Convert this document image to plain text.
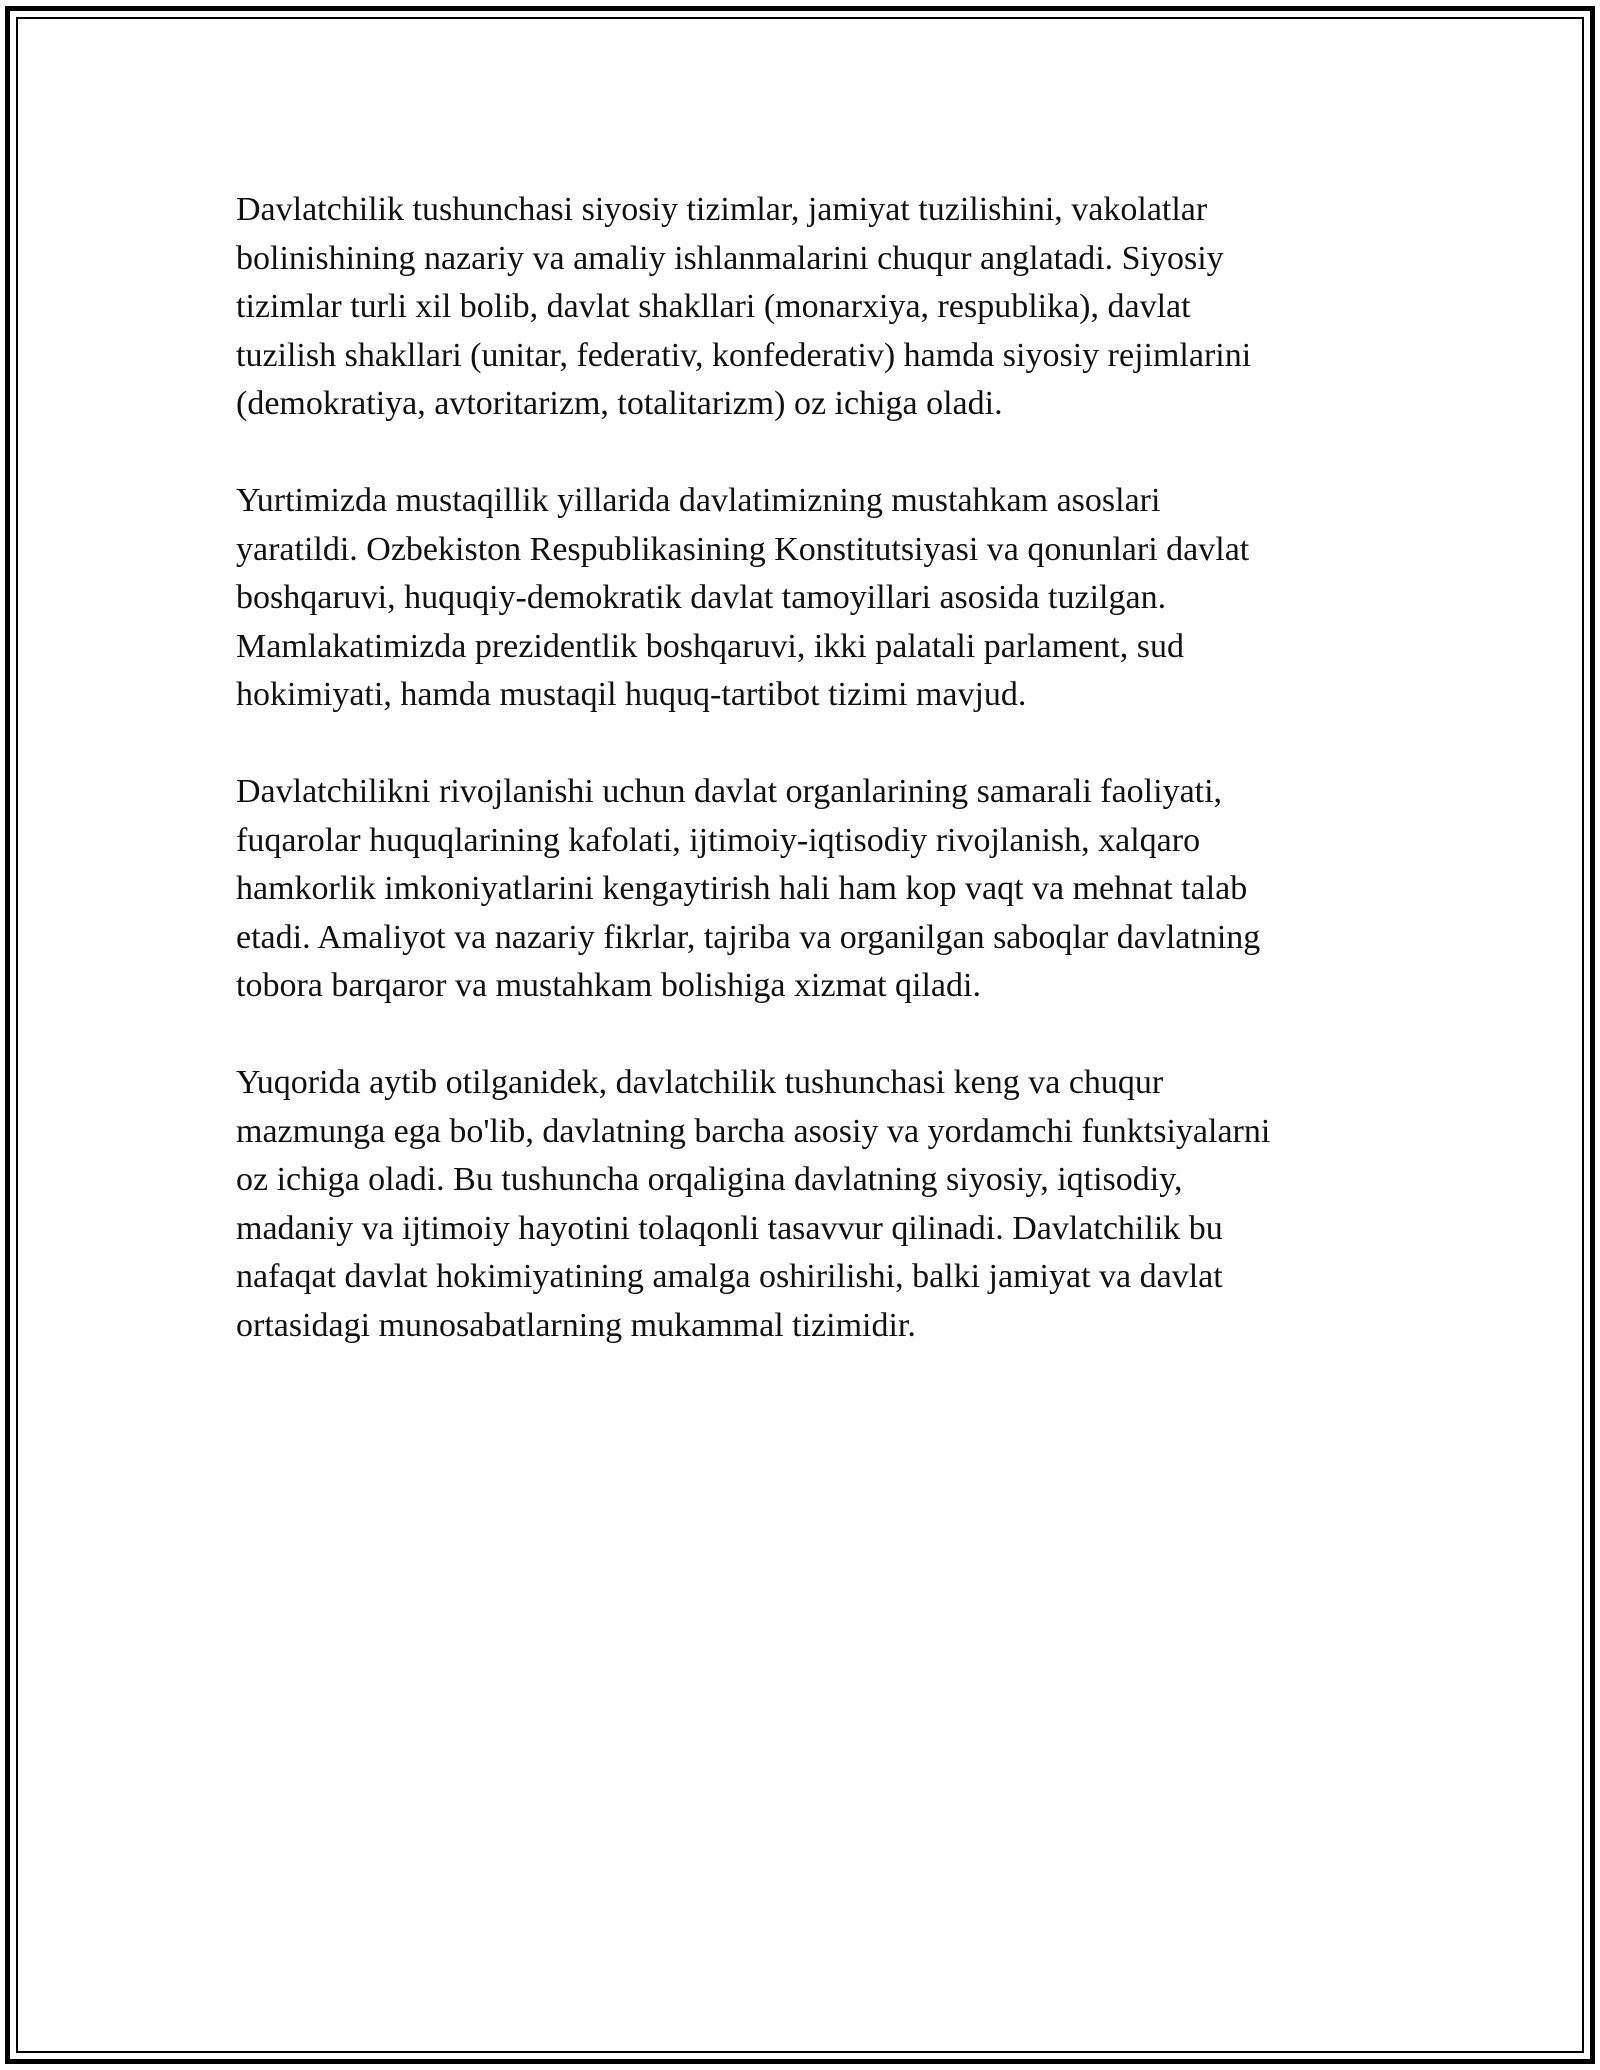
Davlatchilik tushunchasi siyosiy tizimlar, jamiyat tuzilishini, vakolatlar
bolinishining nazariy va amaliy ishlanmalarini chuqur anglatadi. Siyosiy
tizimlar turli xil bolib, davlat shakllari (monarxiya, respublika), davlat
tuzilish shakllari (unitar, federativ, konfederativ) hamda siyosiy rejimlarini
(demokratiya, avtoritarizm, totalitarizm) oz ichiga oladi.

Yurtimizda mustaqillik yillarida davlatimizning mustahkam asoslari
yaratildi. Ozbekiston Respublikasining Konstitutsiyasi va qonunlari davlat
boshqaruvi, huquqiy-demokratik davlat tamoyillari asosida tuzilgan.
Mamlakatimizda prezidentlik boshqaruvi, ikki palatali parlament, sud
hokimiyati, hamda mustaqil huquq-tartibot tizimi mavjud.

Davlatchilikni rivojlanishi uchun davlat organlarining samarali faoliyati,
fuqarolar huquqlarining kafolati, ijtimoiy-iqtisodiy rivojlanish, xalqaro
hamkorlik imkoniyatlarini kengaytirish hali ham kop vaqt va mehnat talab
etadi. Amaliyot va nazariy fikrlar, tajriba va organilgan saboqlar davlatning
tobora barqaror va mustahkam bolishiga xizmat qiladi.

Yuqorida aytib otilganidek, davlatchilik tushunchasi keng va chuqur
mazmunga ega bo'lib, davlatning barcha asosiy va yordamchi funktsiyalarni
oz ichiga oladi. Bu tushuncha orqaligina davlatning siyosiy, iqtisodiy,
madaniy va ijtimoiy hayotini tolaqonli tasavvur qilinadi. Davlatchilik bu
nafaqat davlat hokimiyatining amalga oshirilishi, balki jamiyat va davlat
ortasidagi munosabatlarning mukammal tizimidir.
